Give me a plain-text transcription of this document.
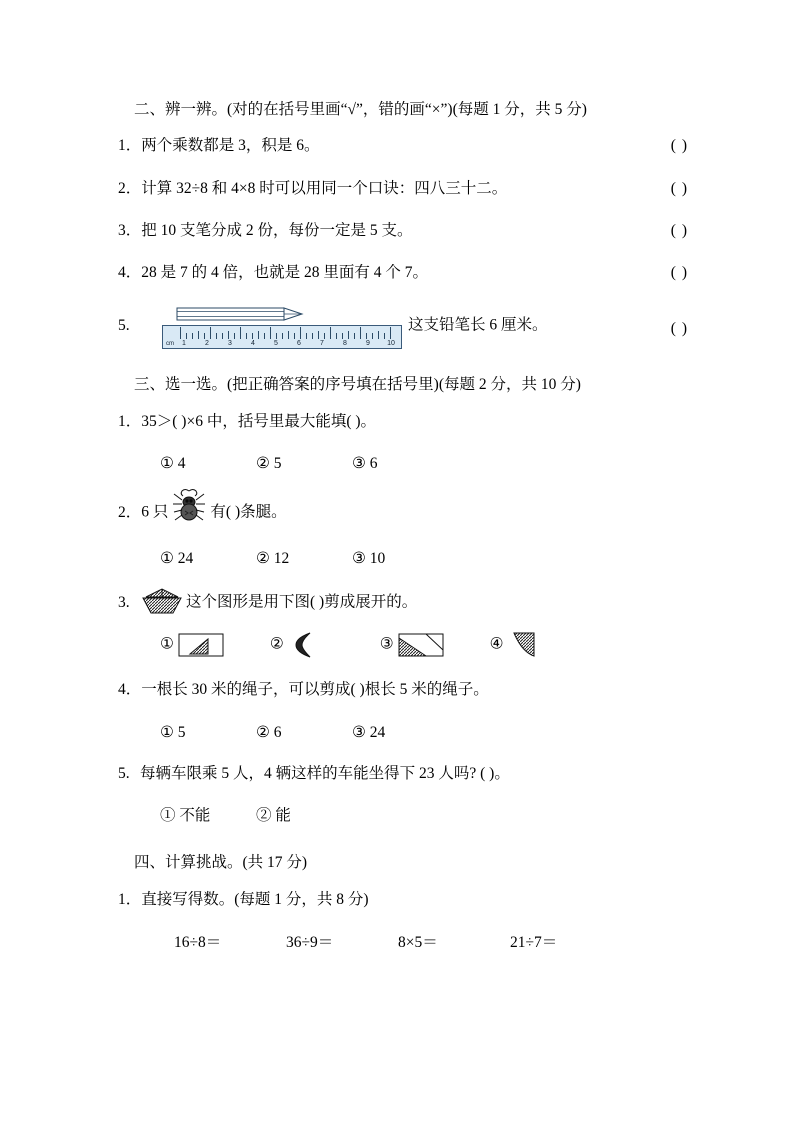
二、辨一辨。(对的在括号里画“√”，错的画“×”)(每题 1 分，共 5 分)

1．两个乘数都是 3，积是 6。	( )

2．计算 32÷8 和 4×8 时可以用同一个口诀：四八三十二。	( )

3．把 10 支笔分成 2 份，每份一定是 5 支。	( )

4．28 是 7 的 4 倍，也就是 28 里面有 4 个 7。	( )

5.
cm 1	2	3	4	5	6	7	8	9 10
这支铅笔长 6 厘米。	( )

三、选一选。(把正确答案的序号填在括号里)(每题 2 分，共 10 分)

1．35＞( )×6 中，括号里最大能填( )。

① 4	② 5	③ 6

2．6 只	有( )条腿。

① 24	② 12	③ 10

3.	这个图形是用下图( )剪成展开的。

①	②	③	④

4．一根长 30 米的绳子，可以剪成( )根长 5 米的绳子。

① 5	② 6	③ 24

5. 每辆车限乘 5 人，4 辆这样的车能坐得下 23 人吗? ( )。

① 不能	② 能

四、计算挑战。(共 17 分)

1．直接写得数。(每题 1 分，共 8 分)

16÷8＝	36÷9＝	8×5＝	21÷7＝
